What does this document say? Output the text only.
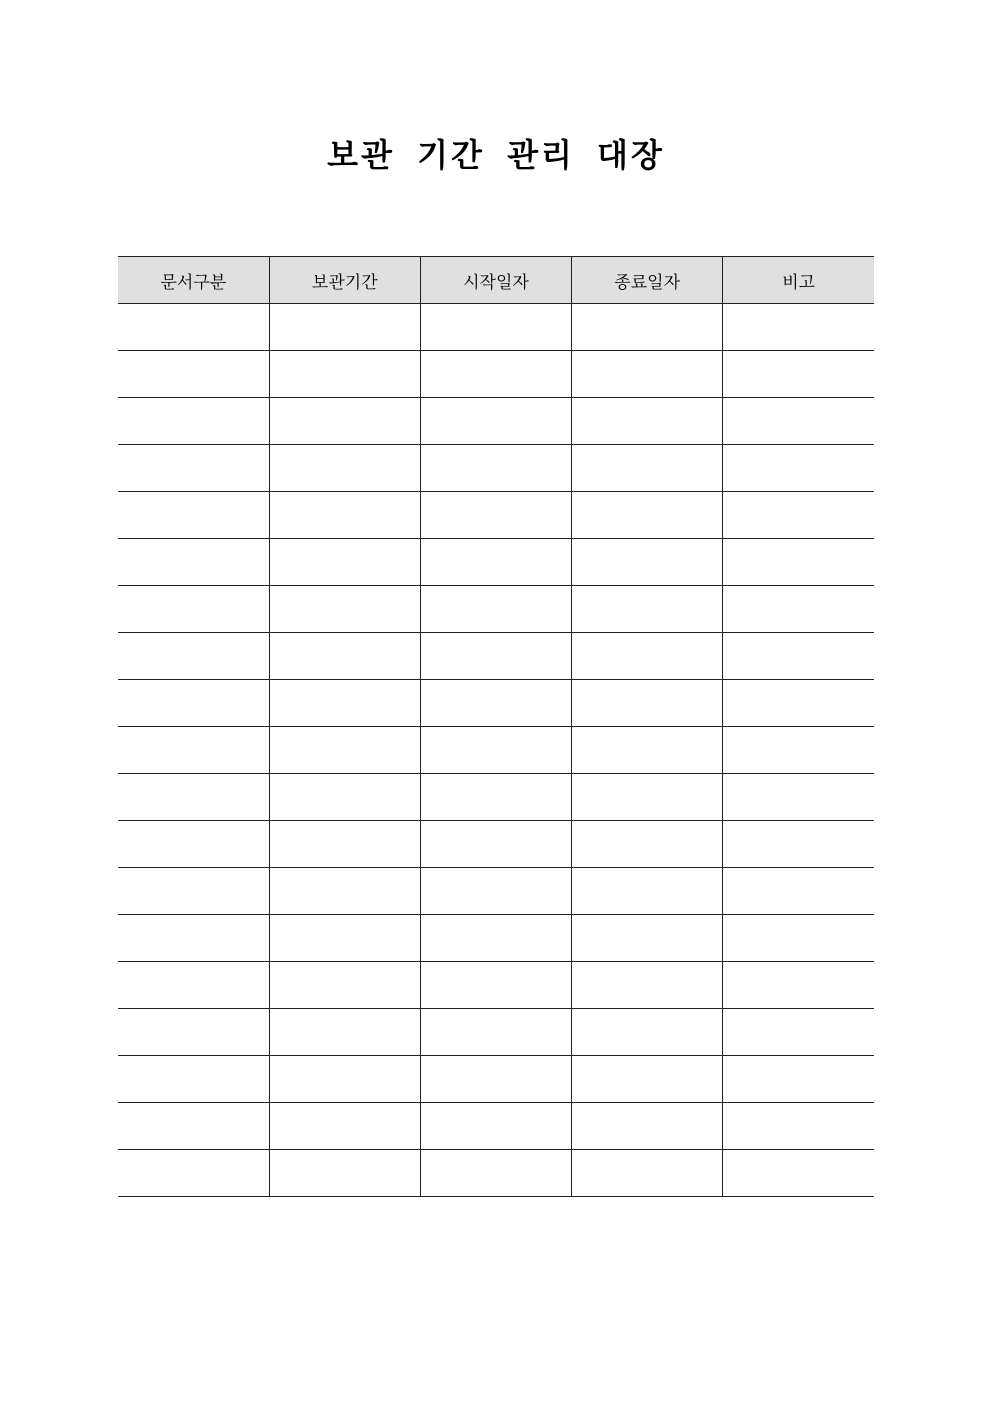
보관 기간 관리 대장
문서구분	보관기간	시작일자	종료일자	비고
